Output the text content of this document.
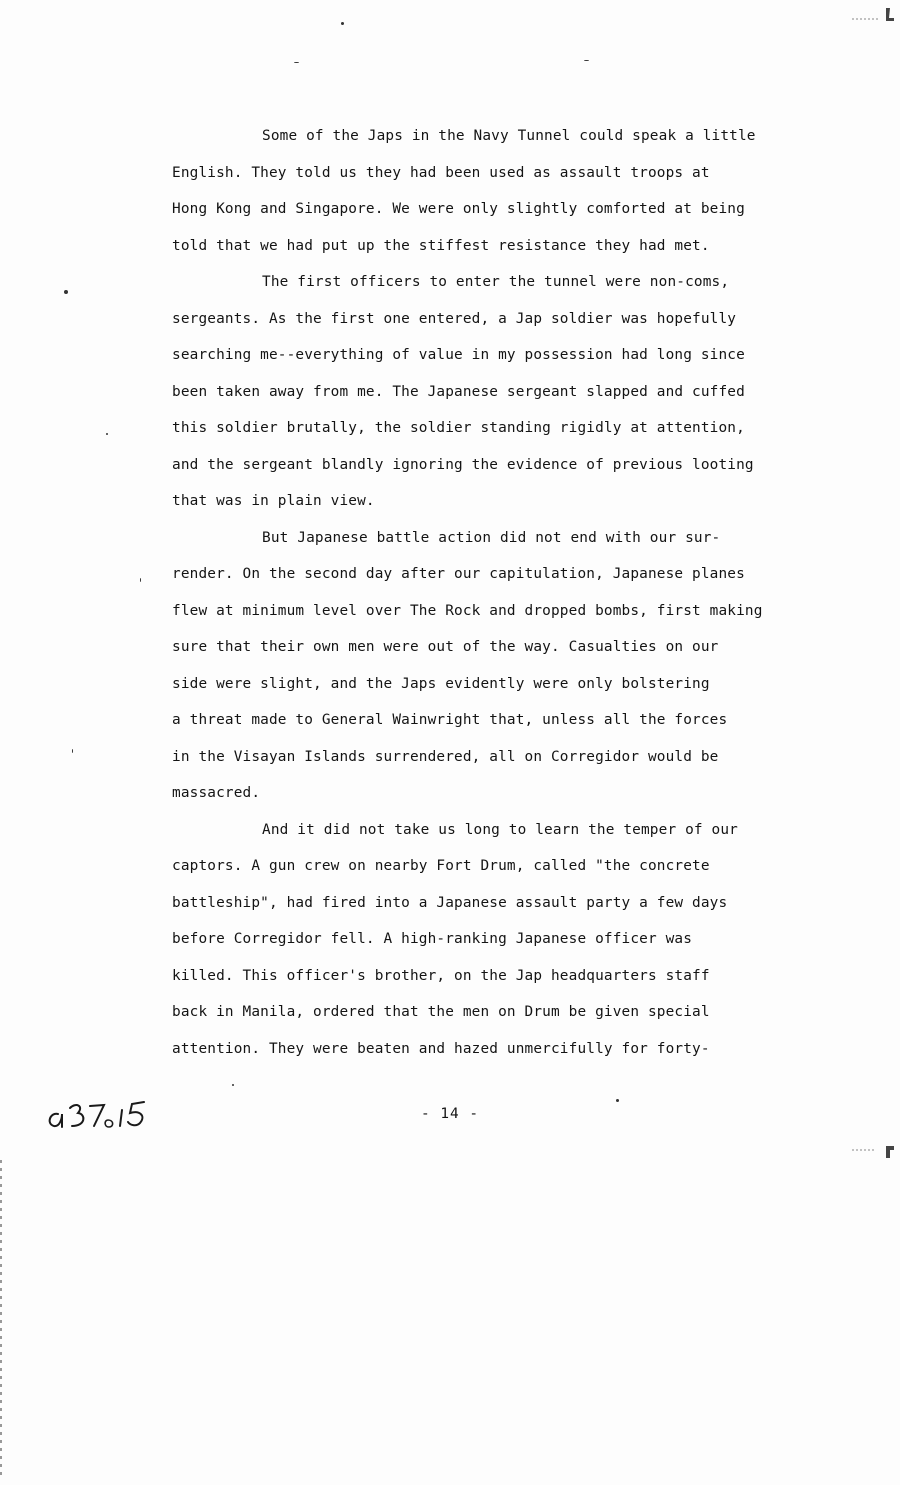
Some of the Japs in the Navy Tunnel could speak a little
English. They told us they had been used as assault troops at
Hong Kong and Singapore. We were only slightly comforted at being
told that we had put up the stiffest resistance they had met.
The first officers to enter the tunnel were non-coms,
sergeants. As the first one entered, a Jap soldier was hopefully
searching me--everything of value in my possession had long since
been taken away from me. The Japanese sergeant slapped and cuffed
this soldier brutally, the soldier standing rigidly at attention,
and the sergeant blandly ignoring the evidence of previous looting
that was in plain view.
But Japanese battle action did not end with our sur-
render. On the second day after our capitulation, Japanese planes
flew at minimum level over The Rock and dropped bombs, first making
sure that their own men were out of the way. Casualties on our
side were slight, and the Japs evidently were only bolstering
a threat made to General Wainwright that, unless all the forces
in the Visayan Islands surrendered, all on Corregidor would be
massacred.
And it did not take us long to learn the temper of our
captors. A gun crew on nearby Fort Drum, called "the concrete
battleship", had fired into a Japanese assault party a few days
before Corregidor fell. A high-ranking Japanese officer was
killed. This officer's brother, on the Jap headquarters staff
back in Manila, ordered that the men on Drum be given special
attention. They were beaten and hazed unmercifully for forty-
- 14 -
